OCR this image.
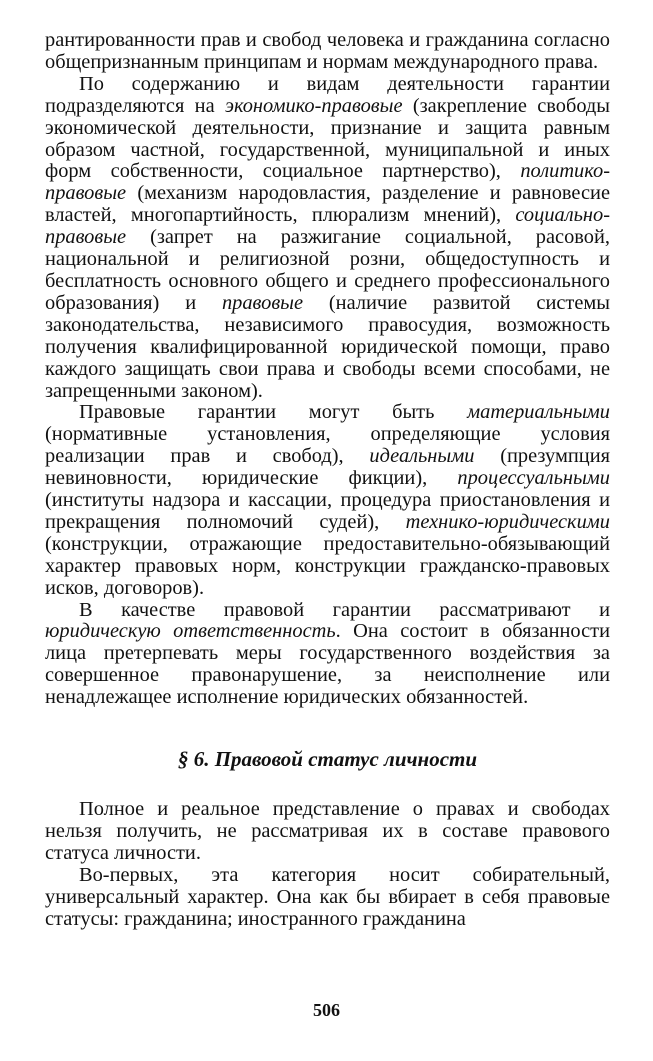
рантированности прав и свобод человека и гражданина согласно общепризнанным принципам и нормам международного права.

По содержанию и видам деятельности гарантии подразделяются на экономико-правовые (закрепление свободы экономической деятельности, признание и защита равным образом частной, государственной, муниципальной и иных форм собственности, социальное партнерство), политико-правовые (механизм народовластия, разделение и равновесие властей, многопартийность, плюрализм мнений), социально-правовые (запрет на разжигание социальной, расовой, национальной и религиозной розни, общедоступность и бесплатность основного общего и среднего профессионального образования) и правовые (наличие развитой системы законодательства, независимого правосудия, возможность получения квалифицированной юридической помощи, право каждого защищать свои права и свободы всеми способами, не запрещенными законом).

Правовые гарантии могут быть материальными (нормативные установления, определяющие условия реализации прав и свобод), идеальными (презумпция невиновности, юридические фикции), процессуальными (институты надзора и кассации, процедура приостановления и прекращения полномочий судей), технико-юридическими (конструкции, отражающие предоставительно-обязывающий характер правовых норм, конструкции гражданско-правовых исков, договоров).

В качестве правовой гарантии рассматривают и юридическую ответственность. Она состоит в обязанности лица претерпевать меры государственного воздействия за совершенное правонарушение, за неисполнение или ненадлежащее исполнение юридических обязанностей.

§ 6. Правовой статус личности

Полное и реальное представление о правах и свободах нельзя получить, не рассматривая их в составе правового статуса личности.

Во-первых, эта категория носит собирательный, универсальный характер. Она как бы вбирает в себя правовые статусы: гражданина; иностранного гражданина

506
